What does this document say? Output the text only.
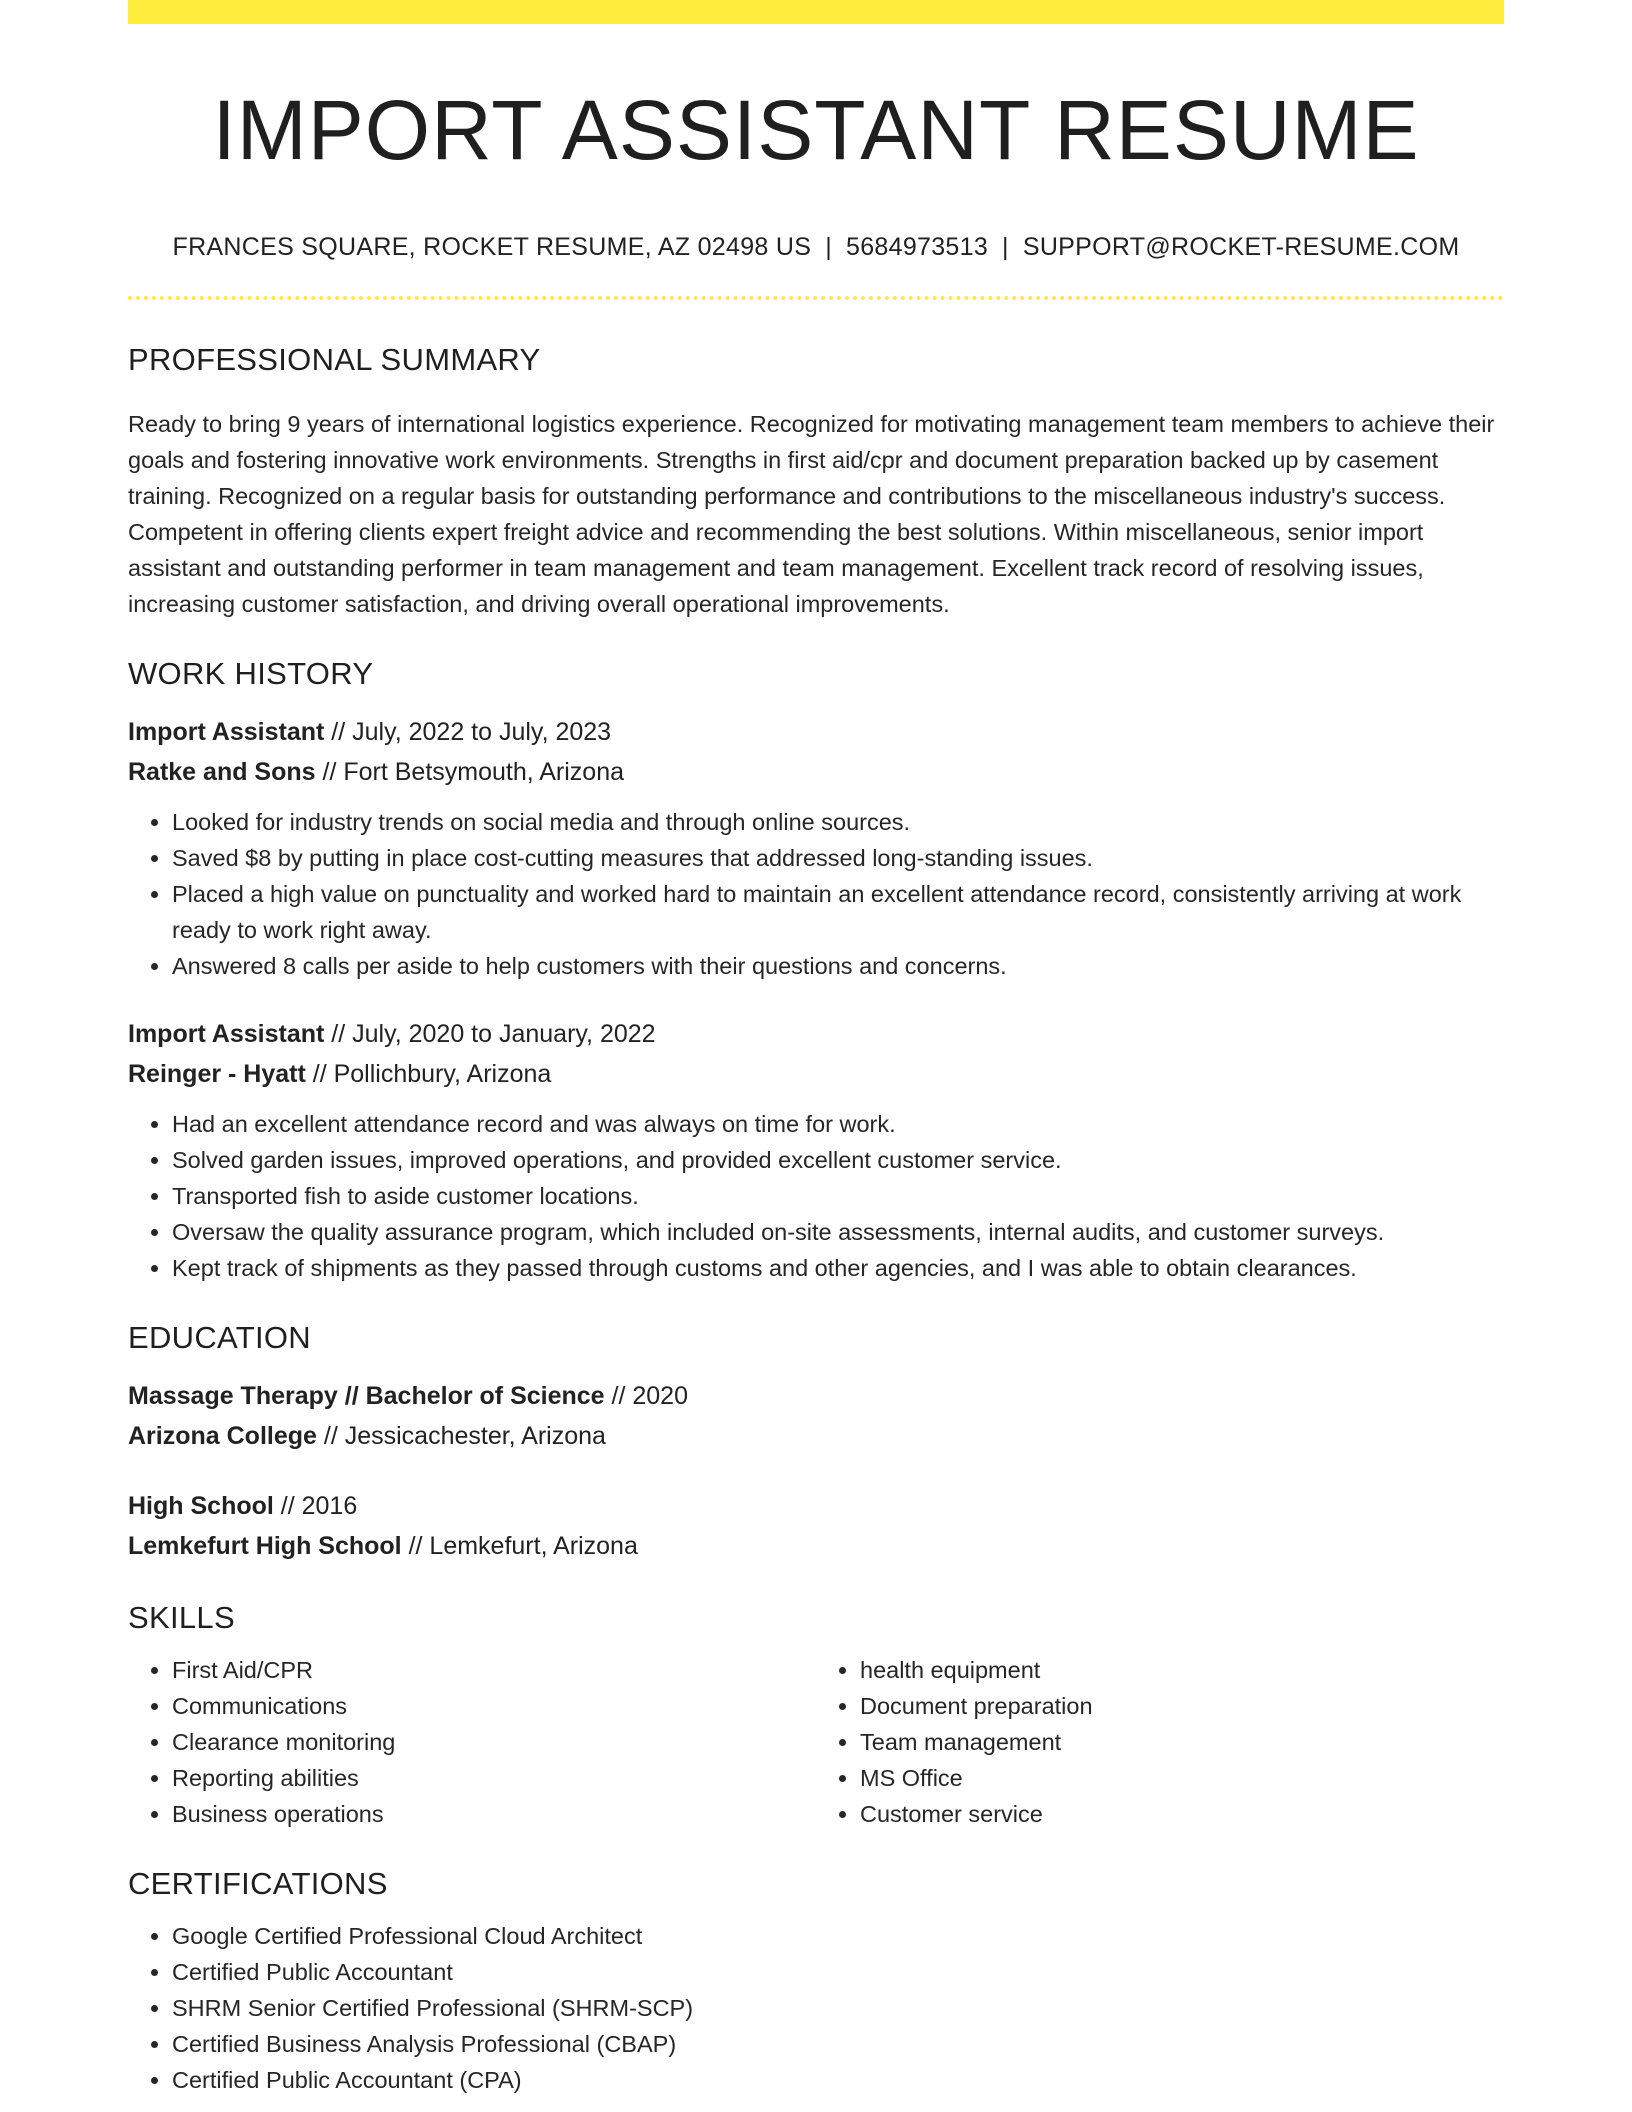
IMPORT ASSISTANT RESUME
FRANCES SQUARE, ROCKET RESUME, AZ 02498 US | 5684973513 | SUPPORT@ROCKET-RESUME.COM
PROFESSIONAL SUMMARY

Ready to bring 9 years of international logistics experience. Recognized for motivating management team members to achieve their goals and fostering innovative work environments. Strengths in first aid/cpr and document preparation backed up by casement training. Recognized on a regular basis for outstanding performance and contributions to the miscellaneous industry's success. Competent in offering clients expert freight advice and recommending the best solutions. Within miscellaneous, senior import assistant and outstanding performer in team management and team management. Excellent track record of resolving issues, increasing customer satisfaction, and driving overall operational improvements.

WORK HISTORY
Import Assistant // July, 2022 to July, 2023
Ratke and Sons // Fort Betsymouth, Arizona
• Looked for industry trends on social media and through online sources.
• Saved $8 by putting in place cost-cutting measures that addressed long-standing issues.
• Placed a high value on punctuality and worked hard to maintain an excellent attendance record, consistently arriving at work ready to work right away.
• Answered 8 calls per aside to help customers with their questions and concerns.
Import Assistant // July, 2020 to January, 2022
Reinger - Hyatt // Pollichbury, Arizona
• Had an excellent attendance record and was always on time for work.
• Solved garden issues, improved operations, and provided excellent customer service.
• Transported fish to aside customer locations.
• Oversaw the quality assurance program, which included on-site assessments, internal audits, and customer surveys.
• Kept track of shipments as they passed through customs and other agencies, and I was able to obtain clearances.
EDUCATION
Massage Therapy // Bachelor of Science // 2020
Arizona College // Jessicachester, Arizona
High School // 2016
Lemkefurt High School // Lemkefurt, Arizona
SKILLS
• First Aid/CPR
• Communications
• Clearance monitoring
• Reporting abilities
• Business operations
• health equipment
• Document preparation
• Team management
• MS Office
• Customer service
CERTIFICATIONS
• Google Certified Professional Cloud Architect
• Certified Public Accountant
• SHRM Senior Certified Professional (SHRM-SCP)
• Certified Business Analysis Professional (CBAP)
• Certified Public Accountant (CPA)
